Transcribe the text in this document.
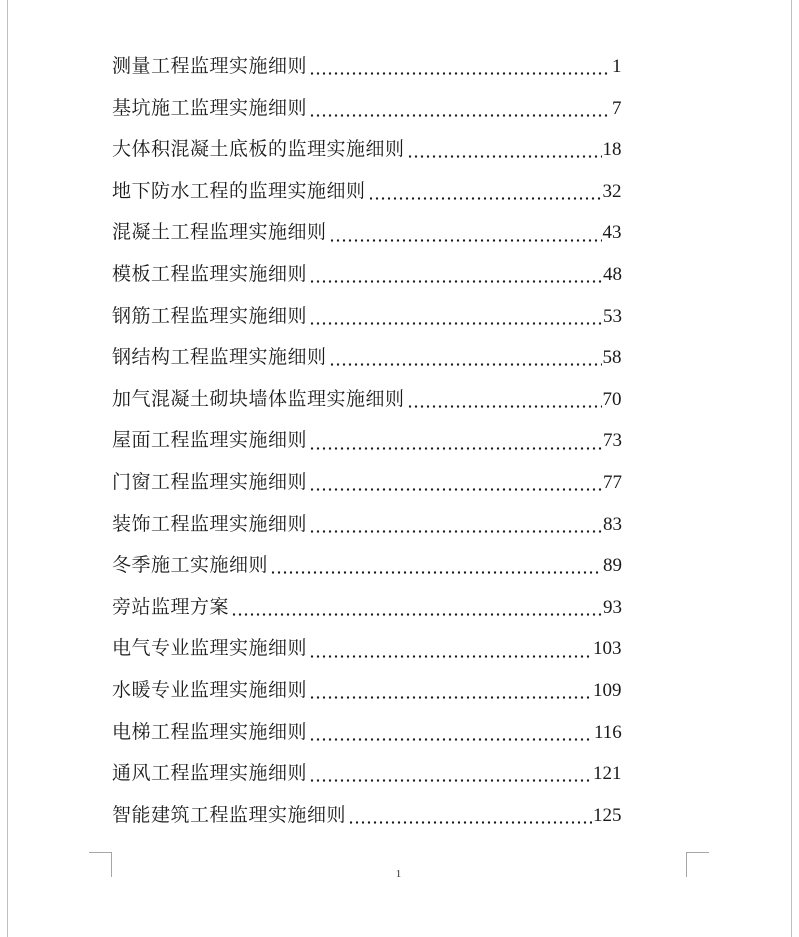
测量工程监理实施细则	1
基坑施工监理实施细则	7
大体积混凝土底板的监理实施细则	18
地下防水工程的监理实施细则	32
混凝土工程监理实施细则	43
模板工程监理实施细则	48
钢筋工程监理实施细则	53
钢结构工程监理实施细则	58
加气混凝土砌块墙体监理实施细则	70
屋面工程监理实施细则	73
门窗工程监理实施细则	77
装饰工程监理实施细则	83
冬季施工实施细则	89
旁站监理方案	93
电气专业监理实施细则	103
水暖专业监理实施细则	109
电梯工程监理实施细则	116
通风工程监理实施细则	121
智能建筑工程监理实施细则	125
1
